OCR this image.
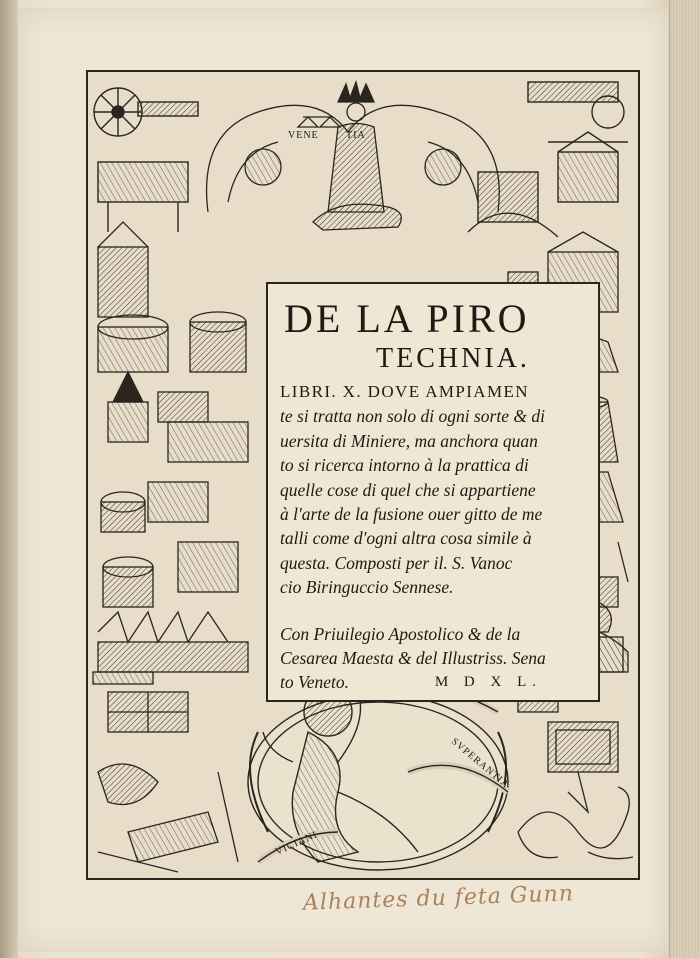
VENE	TIA
SVPERANTIA
VICIANI
DE LA PIRO
TECHNIA.
LIBRI. X. DOVE AMPIAMEN
te si tratta non solo di ogni sorte & di
uersita di Miniere, ma anchora quan
to si ricerca intorno à la prattica di
quelle cose di quel che si appartiene
à l'arte de la fusione ouer gitto de me
talli come d'ogni altra cosa simile à
questa. Composti per il. S. Vanoc
cio Biringuccio Sennese.
Con Priuilegio Apostolico & de la
Cesarea Maesta & del Illustriss. Sena
to Veneto.	M D X L.
Alhantes du feta Gunn
